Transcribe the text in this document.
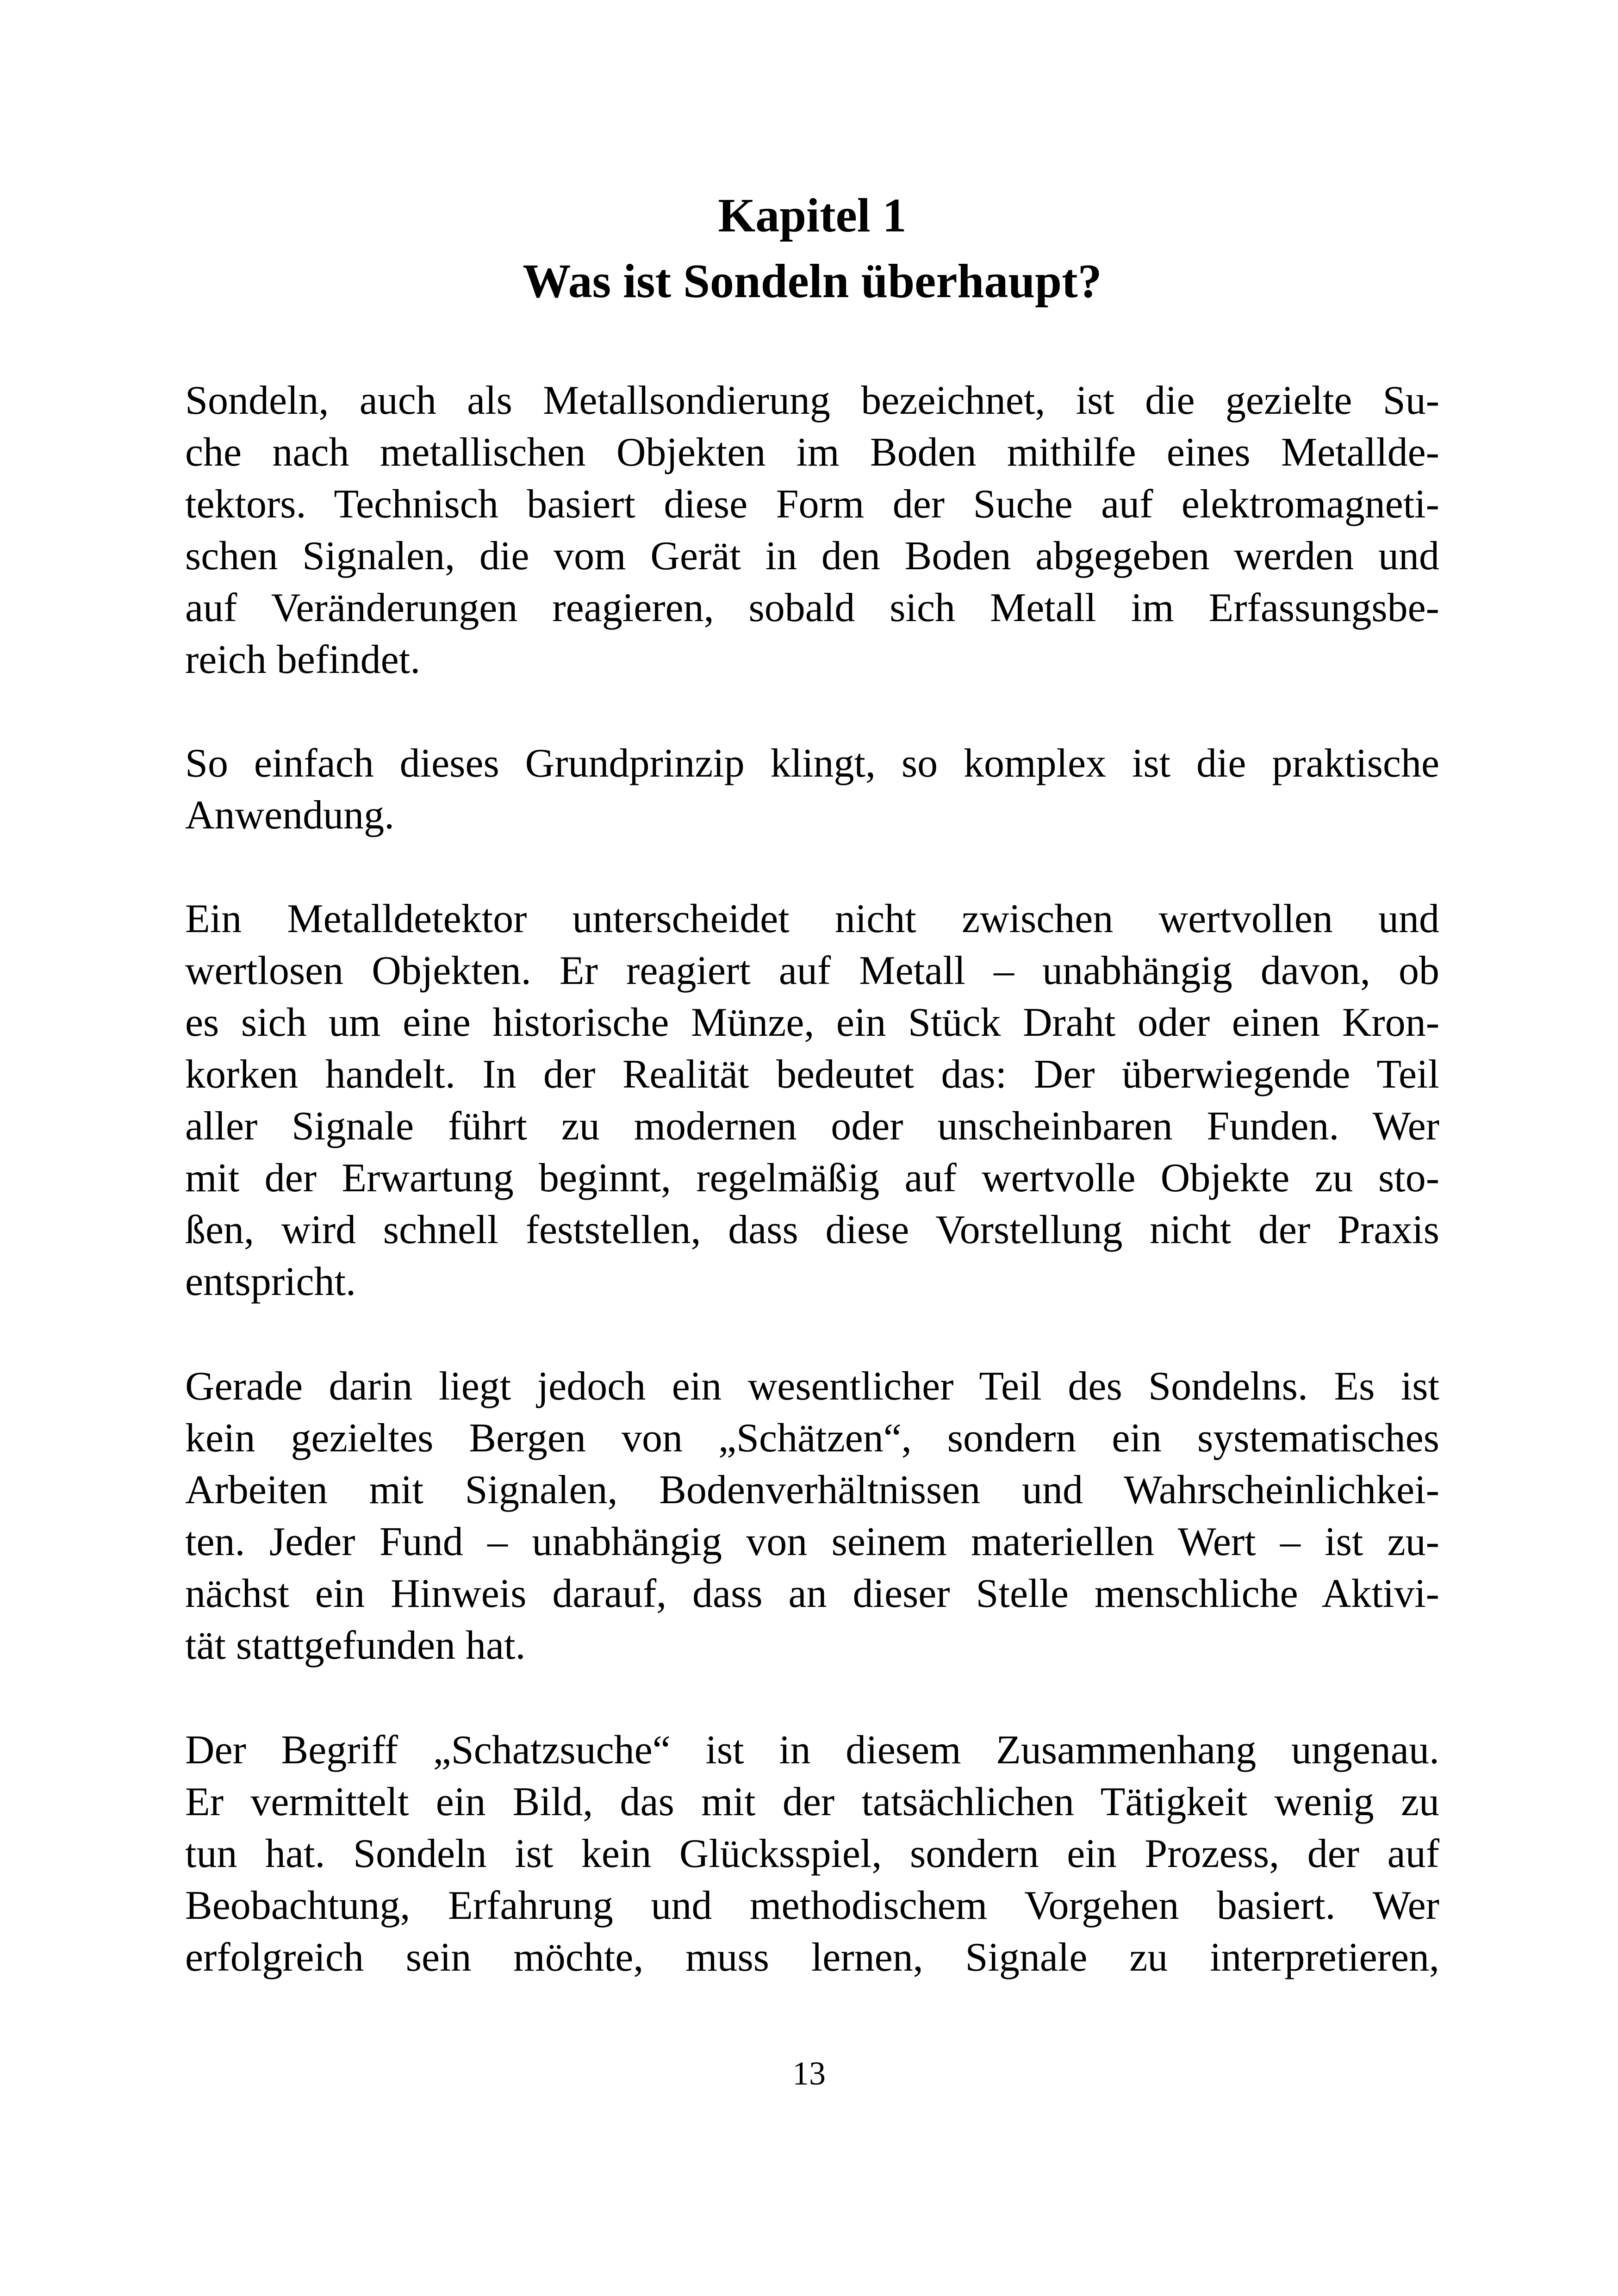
Kapitel 1
Was ist Sondeln überhaupt?
Sondeln, auch als Metallsondierung bezeichnet, ist die gezielte Su-
che nach metallischen Objekten im Boden mithilfe eines Metallde-
tektors. Technisch basiert diese Form der Suche auf elektromagneti-
schen Signalen, die vom Gerät in den Boden abgegeben werden und
auf Veränderungen reagieren, sobald sich Metall im Erfassungsbe-
reich befindet.
So einfach dieses Grundprinzip klingt, so komplex ist die praktische
Anwendung.
Ein Metalldetektor unterscheidet nicht zwischen wertvollen und
wertlosen Objekten. Er reagiert auf Metall – unabhängig davon, ob
es sich um eine historische Münze, ein Stück Draht oder einen Kron-
korken handelt. In der Realität bedeutet das: Der überwiegende Teil
aller Signale führt zu modernen oder unscheinbaren Funden. Wer
mit der Erwartung beginnt, regelmäßig auf wertvolle Objekte zu sto-
ßen, wird schnell feststellen, dass diese Vorstellung nicht der Praxis
entspricht.
Gerade darin liegt jedoch ein wesentlicher Teil des Sondelns. Es ist
kein gezieltes Bergen von „Schätzen“, sondern ein systematisches
Arbeiten mit Signalen, Bodenverhältnissen und Wahrscheinlichkei-
ten. Jeder Fund – unabhängig von seinem materiellen Wert – ist zu-
nächst ein Hinweis darauf, dass an dieser Stelle menschliche Aktivi-
tät stattgefunden hat.
Der Begriff „Schatzsuche“ ist in diesem Zusammenhang ungenau.
Er vermittelt ein Bild, das mit der tatsächlichen Tätigkeit wenig zu
tun hat. Sondeln ist kein Glücksspiel, sondern ein Prozess, der auf
Beobachtung, Erfahrung und methodischem Vorgehen basiert. Wer
erfolgreich sein möchte, muss lernen, Signale zu interpretieren,
13
